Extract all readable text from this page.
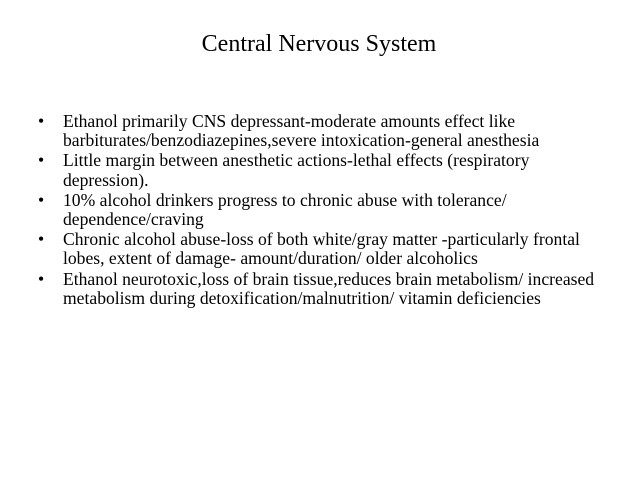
Central Nervous System
• Ethanol primarily CNS depressant-moderate amounts effect like barbiturates/benzodiazepines,severe intoxication-general anesthesia
• Little margin between anesthetic actions-lethal effects (respiratory depression).
• 10% alcohol drinkers progress to chronic abuse with tolerance/ dependence/craving
• Chronic alcohol abuse-loss of both white/gray matter -particularly frontal lobes, extent of damage- amount/duration/ older alcoholics
• Ethanol neurotoxic,loss of brain tissue,reduces brain metabolism/ increased metabolism during detoxification/malnutrition/ vitamin deficiencies
